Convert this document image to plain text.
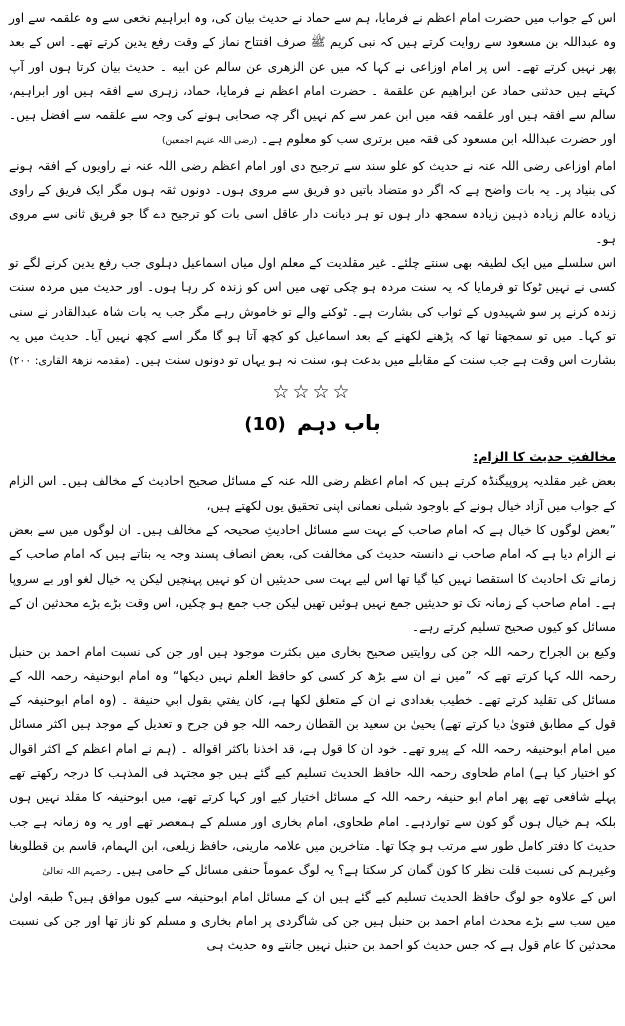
اس کے جواب میں حضرت امام اعظم نے فرمایا، ہم سے حماد نے حدیث بیان کی، وہ ابراہیم نخعی سے وہ علقمہ سے اور وہ عبداللہ بن مسعود سے روایت کرتے ہیں کہ نبی کریم ﷺ صرف افتتاح نماز کے وقت رفع یدین کرتے تھے۔ اس کے بعد پھر نہیں کرتے تھے۔ اس پر امام اوزاعی نے کہا کہ میں عن الزهری عن سالم عن ابیه ۔ حدیث بیان کرتا ہوں اور آپ کہتے ہیں حدثنی حماد عن ابراهیم عن علقمة ۔ حضرت امام اعظم نے فرمایا، حماد، زہری سے افقہ ہیں اور ابراہیم، سالم سے افقہ ہیں اور علقمہ فقہ میں ابن عمر سے کم نہیں اگر چہ صحابی ہونے کی وجہ سے علقمہ سے افضل ہیں۔ اور حضرت عبداللہ ابن مسعود کی فقہ میں برتری سب کو معلوم ہے۔ (رضی اللہ عنہم اجمعین)

امام اوزاعی رضی اللہ عنہ نے حدیث کو علو سند سے ترجیح دی اور امام اعظم رضی اللہ عنہ نے راویوں کے افقہ ہونے کی بنیاد پر۔ یہ بات واضح ہے کہ اگر دو متضاد باتیں دو فریق سے مروی ہوں۔ دونوں ثقہ ہوں مگر ایک فریق کے راوی زیادہ عالم زیادہ ذہین زیادہ سمجھ دار ہوں تو ہر دیانت دار عاقل اسی بات کو ترجیح دے گا جو فریق ثانی سے مروی ہو۔

اس سلسلے میں ایک لطیفہ بھی سنتے چلئے۔ غیر مقلدیت کے معلم اول میاں اسماعیل دہلوی جب رفع یدین کرنے لگے تو کسی نے نہیں ٹوکا تو فرمایا کہ یہ سنت مردہ ہو چکی تھی میں اس کو زندہ کر رہا ہوں۔ اور حدیث میں مردہ سنت زندہ کرنے پر سو شہیدوں کے ثواب کی بشارت ہے۔ ٹوکنے والے تو خاموش رہے مگر جب یہ بات شاہ عبدالقادر نے سنی تو کہا۔ میں تو سمجھتا تھا کہ پڑھنے لکھنے کے بعد اسماعیل کو کچھ آتا ہو گا مگر اسے کچھ نہیں آیا۔ حدیث میں یہ بشارت اس وقت ہے جب سنت کے مقابلے میں بدعت ہو، سنت نہ ہو یہاں تو دونوں سنت ہیں۔ (مقدمہ نزھۃ القاری: ۲۰۰)

☆☆☆☆
باب دہم (10)
مخالفتِ حدیث کا الزام:

بعض غیر مقلدیہ پروپیگنڈہ کرتے ہیں کہ امام اعظم رضی اللہ عنہ کے مسائل صحیح احادیث کے مخالف ہیں۔ اس الزام کے جواب میں آزاد خیال ہونے کے باوجود شبلی نعمانی اپنی تحقیق یوں لکھتے ہیں،

”بعض لوگوں کا خیال ہے کہ امام صاحب کے بہت سے مسائل احادیثِ صحیحہ کے مخالف ہیں۔ ان لوگوں میں سے بعض نے الزام دیا ہے کہ امام صاحب نے دانستہ حدیث کی مخالفت کی، بعض انصاف پسند وجہ یہ بتاتے ہیں کہ امام صاحب کے زمانے تک احادیث کا استقصا نہیں کیا گیا تھا اس لیے بہت سی حدیثیں ان کو نہیں پہنچیں لیکن یہ خیال لغو اور بے سروپا ہے۔ امام صاحب کے زمانہ تک تو حدیثیں جمع نہیں ہوئیں تھیں لیکن جب جمع ہو چکیں، اس وقت بڑے بڑے محدثین ان کے مسائل کو کیوں صحیح تسلیم کرتے رہے۔

وکیع بن الجراح رحمہ اللہ جن کی روایتیں صحیح بخاری میں بکثرت موجود ہیں اور جن کی نسبت امام احمد بن حنبل رحمہ اللہ کہا کرتے تھے کہ ”میں نے ان سے بڑھ کر کسی کو حافظ العلم نہیں دیکھا“ وہ امام ابوحنیفہ رحمہ اللہ کے مسائل کی تقلید کرتے تھے۔ خطیب بغدادی نے ان کے متعلق لکھا ہے، كان يفتي بقول ابي حنيفة ۔ (وہ امام ابوحنیفہ کے قول کے مطابق فتویٰ دیا کرتے تھے) یحییٰ بن سعید بن القطان رحمہ اللہ جو فن جرح و تعدیل کے موجد ہیں اکثر مسائل میں امام ابوحنیفہ رحمہ اللہ کے پیرو تھے۔ خود ان کا قول ہے، قد اخذنا باكثر اقواله ۔ (ہم نے امام اعظم کے اکثر اقوال کو اختیار کیا ہے) امام طحاوی رحمہ اللہ حافظ الحدیث تسلیم کیے گئے ہیں جو مجتہد فی المذہب کا درجہ رکھتے تھے پہلے شافعی تھے پھر امام ابو حنیفہ رحمہ اللہ کے مسائل اختیار کیے اور کہا کرتے تھے، میں ابوحنیفہ کا مقلد نہیں ہوں بلکہ ہم خیال ہوں گو کون سے تواردہے۔ امام طحاوی، امام بخاری اور مسلم کے ہمعصر تھے اور یہ وہ زمانہ ہے جب حدیث کا دفتر کامل طور سے مرتب ہو چکا تھا۔ متاخرین میں علامہ مارینی، حافظ زیلعی، ابن الہمام، قاسم بن قطلوبغا وغیرہم کی نسبت قلت نظر کا کون گمان کر سکتا ہے؟ یہ لوگ عموماً حنفی مسائل کے حامی ہیں۔ رحمہم اللہ تعالیٰ

اس کے علاوہ جو لوگ حافظ الحدیث تسلیم کیے گئے ہیں ان کے مسائل امام ابوحنیفہ سے کیوں موافق ہیں؟ طبقہ اولیٰ میں سب سے بڑے محدث امام احمد بن حنبل ہیں جن کی شاگردی پر امام بخاری و مسلم کو ناز تھا اور جن کی نسبت محدثین کا عام قول ہے کہ جس حدیث کو احمد بن حنبل نہیں جانتے وہ حدیث ہی
